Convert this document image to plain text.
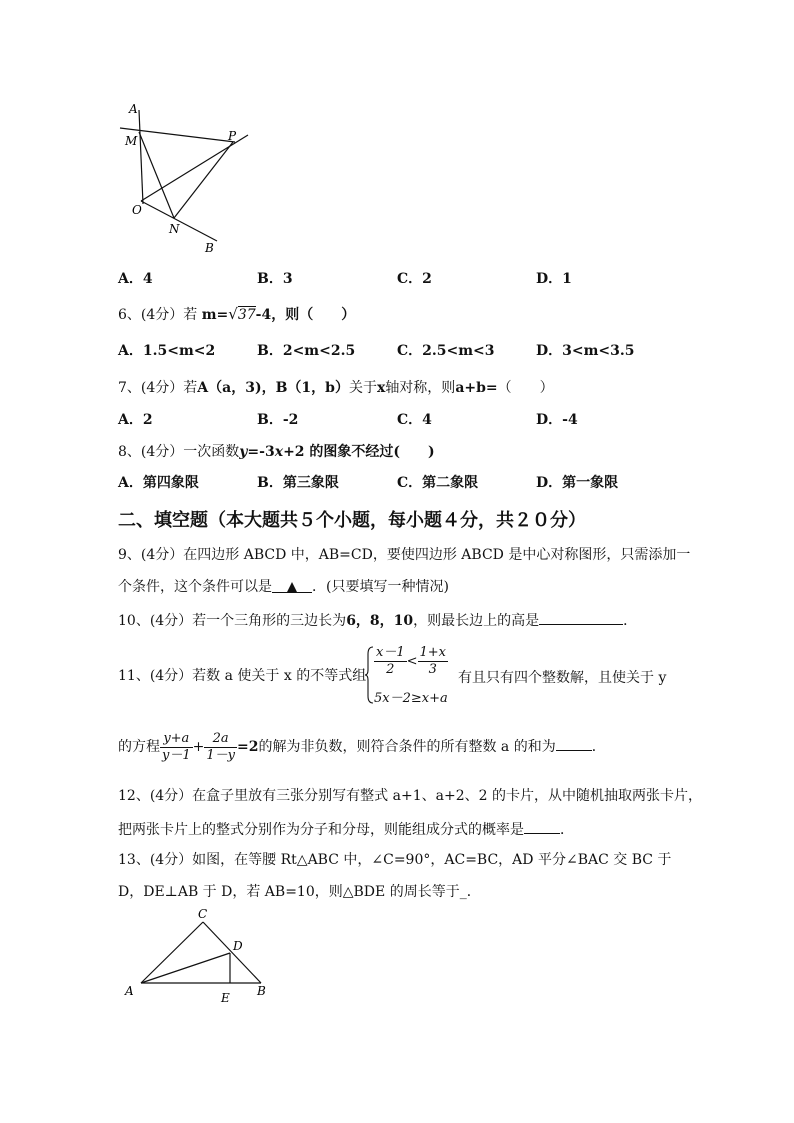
A
M	P
O
N
B
A．4	B．3	C．2	D．1
6、(4分）若 m=√37-4，则（　　）
A．1.5<m<2	B．2<m<2.5	C．2.5<m<3	D．3<m<3.5
7、(4分）若A（a，3)，B（1，b）关于x轴对称，则a+b=（　　）
A．2	B．-2	C．4	D．-4
8、(4分）一次函数y=-3x+2 的图象不经过(　　)
A．第四象限	B．第三象限	C．第二象限	D．第一象限
二、填空题（本大题共５个小题，每小题４分，共２０分）
9、(4分）在四边形 ABCD 中，AB=CD，要使四边形 ABCD 是中心对称图形，只需添加一
个条件，这个条件可以是 ▲ ．(只要填写一种情况)
10、(4分）若一个三角形的三边长为6，8，10，则最长边上的高是	．
11、(4分）若数 a 使关于 x 的不等式组 $\frac{x-1}{2} < \frac{1+x}{3}$
5x－2≥x+a
有且只有四个整数解，且使关于 y
的方程 $\frac{y+a}{y-1} + \frac{2a}{1-y} =2$的解为非负数，则符合条件的所有整数 a 的和为	．
12、(4分）在盒子里放有三张分别写有整式 a+1、a+2、2 的卡片，从中随机抽取两张卡片，
把两张卡片上的整式分别作为分子和分母，则能组成分式的概率是	．
13、(4分）如图，在等腰 Rt△ABC 中，∠C=90°，AC=BC，AD 平分∠BAC 交 BC 于
D，DE⊥AB 于 D，若 AB=10，则△BDE 的周长等于_．
C
D
A	E B
